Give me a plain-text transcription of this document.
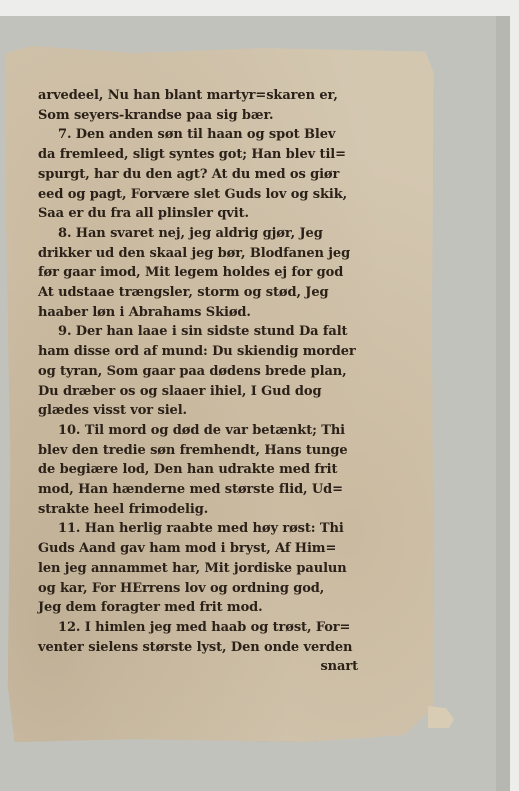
arvedeel, Nu han blant martyr=skaren er,
Som seyers-krandse paa sig bær.
7. Den anden søn til haan og spot Blev
da fremleed, sligt syntes got; Han blev til=
spurgt, har du den agt? At du med os giør
eed og pagt, Forvære slet Guds lov og skik,
Saa er du fra all plinsler qvit.
8. Han svaret nej, jeg aldrig gjør, Jeg
drikker ud den skaal jeg bør, Blodfanen jeg
før gaar imod, Mit legem holdes ej for god
At udstaae trængsler, storm og stød, Jeg
haaber løn i Abrahams Skiød.
9. Der han laae i sin sidste stund Da falt
ham disse ord af mund: Du skiendig morder
og tyran, Som gaar paa dødens brede plan,
Du dræber os og slaaer ihiel, I Gud dog
glædes visst vor siel.
10. Til mord og død de var betænkt; Thi
blev den tredie søn fremhendt, Hans tunge
de begiære lod, Den han udrakte med frit
mod, Han hænderne med største flid, Ud=
strakte heel frimodelig.
11. Han herlig raabte med høy røst: Thi
Guds Aand gav ham mod i bryst, Af Him=
len jeg annammet har, Mit jordiske paulun
og kar, For HErrens lov og ordning god,
Jeg dem foragter med frit mod.
12. I himlen jeg med haab og trøst, For=
venter sielens største lyst, Den onde verden
snart
